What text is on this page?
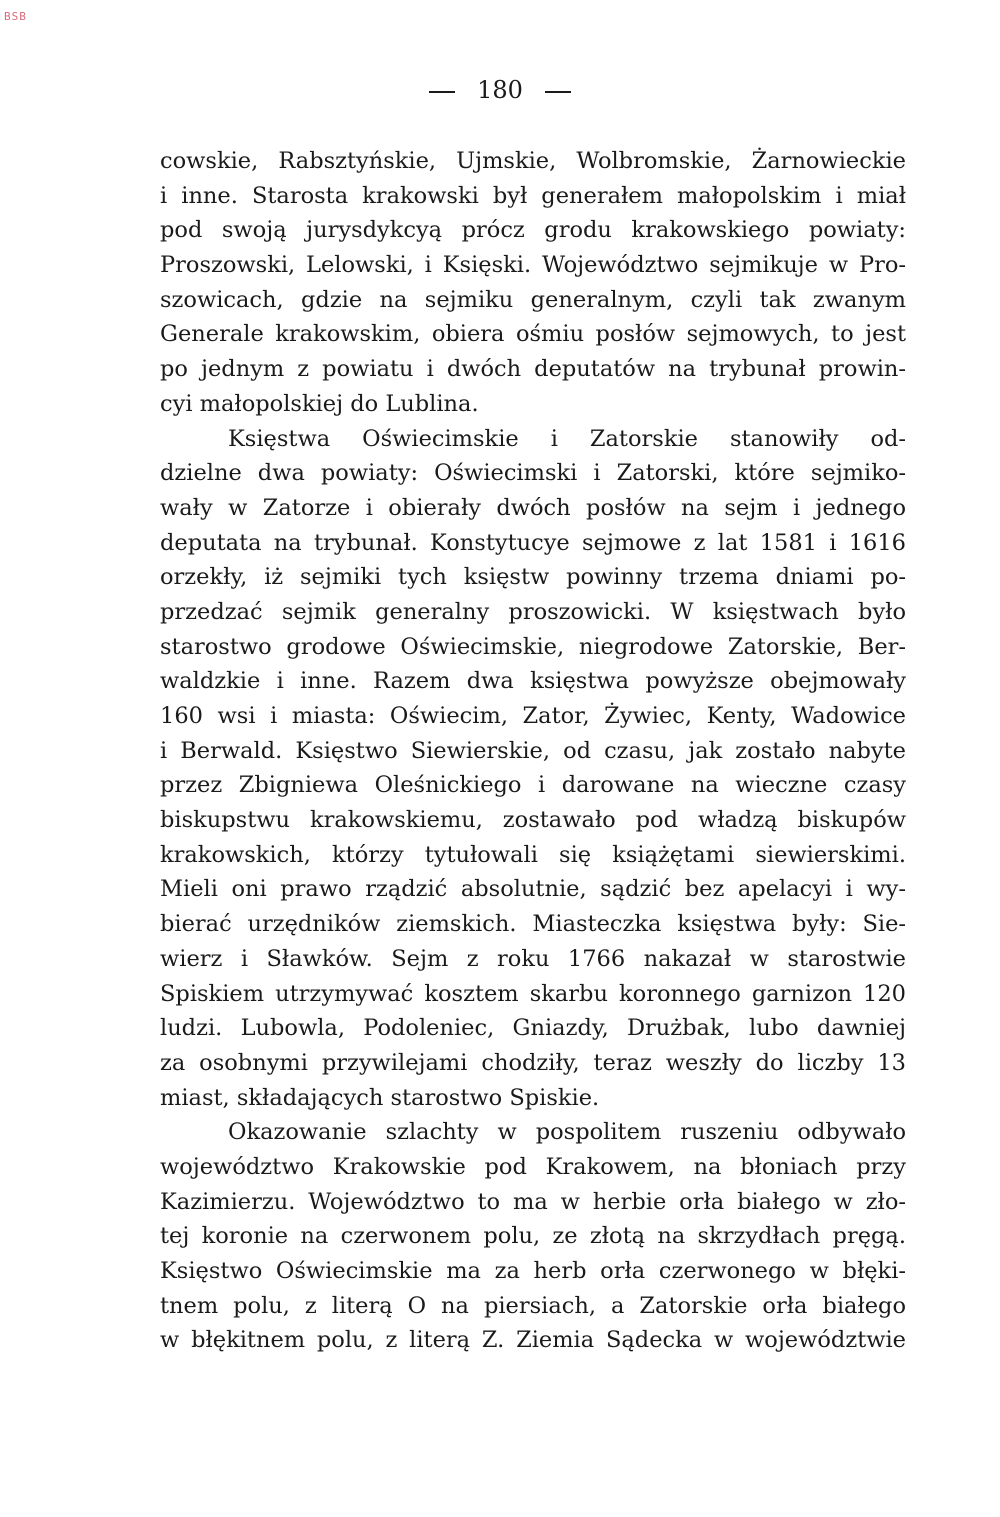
BSB
180
cowskie, Rabsztyńskie, Ujmskie, Wolbromskie, Żarnowieckie
i inne. Starosta krakowski był generałem małopolskim i miał
pod swoją jurysdykcyą prócz grodu krakowskiego powiaty:
Proszowski, Lelowski, i Księski. Województwo sejmikuje w Pro-
szowicach, gdzie na sejmiku generalnym, czyli tak zwanym
Generale krakowskim, obiera ośmiu posłów sejmowych, to jest
po jednym z powiatu i dwóch deputatów na trybunał prowin-
cyi małopolskiej do Lublina.
Księstwa Oświecimskie i Zatorskie stanowiły od-
dzielne dwa powiaty: Oświecimski i Zatorski, które sejmiko-
wały w Zatorze i obierały dwóch posłów na sejm i jednego
deputata na trybunał. Konstytucye sejmowe z lat 1581 i 1616
orzekły, iż sejmiki tych księstw powinny trzema dniami po-
przedzać sejmik generalny proszowicki. W księstwach było
starostwo grodowe Oświecimskie, niegrodowe Zatorskie, Ber-
waldzkie i inne. Razem dwa księstwa powyższe obejmowały
160 wsi i miasta: Oświecim, Zator, Żywiec, Kenty, Wadowice
i Berwald. Księstwo Siewierskie, od czasu, jak zostało nabyte
przez Zbigniewa Oleśnickiego i darowane na wieczne czasy
biskupstwu krakowskiemu, zostawało pod władzą biskupów
krakowskich, którzy tytułowali się książętami siewierskimi.
Mieli oni prawo rządzić absolutnie, sądzić bez apelacyi i wy-
bierać urzędników ziemskich. Miasteczka księstwa były: Sie-
wierz i Sławków. Sejm z roku 1766 nakazał w starostwie
Spiskiem utrzymywać kosztem skarbu koronnego garnizon 120
ludzi. Lubowla, Podoleniec, Gniazdy, Drużbak, lubo dawniej
za osobnymi przywilejami chodziły, teraz weszły do liczby 13
miast, składających starostwo Spiskie.
Okazowanie szlachty w pospolitem ruszeniu odbywało
województwo Krakowskie pod Krakowem, na błoniach przy
Kazimierzu. Województwo to ma w herbie orła białego w zło-
tej koronie na czerwonem polu, ze złotą na skrzydłach pręgą.
Księstwo Oświecimskie ma za herb orła czerwonego w błęki-
tnem polu, z literą O na piersiach, a Zatorskie orła białego
w błękitnem polu, z literą Z. Ziemia Sądecka w województwie
